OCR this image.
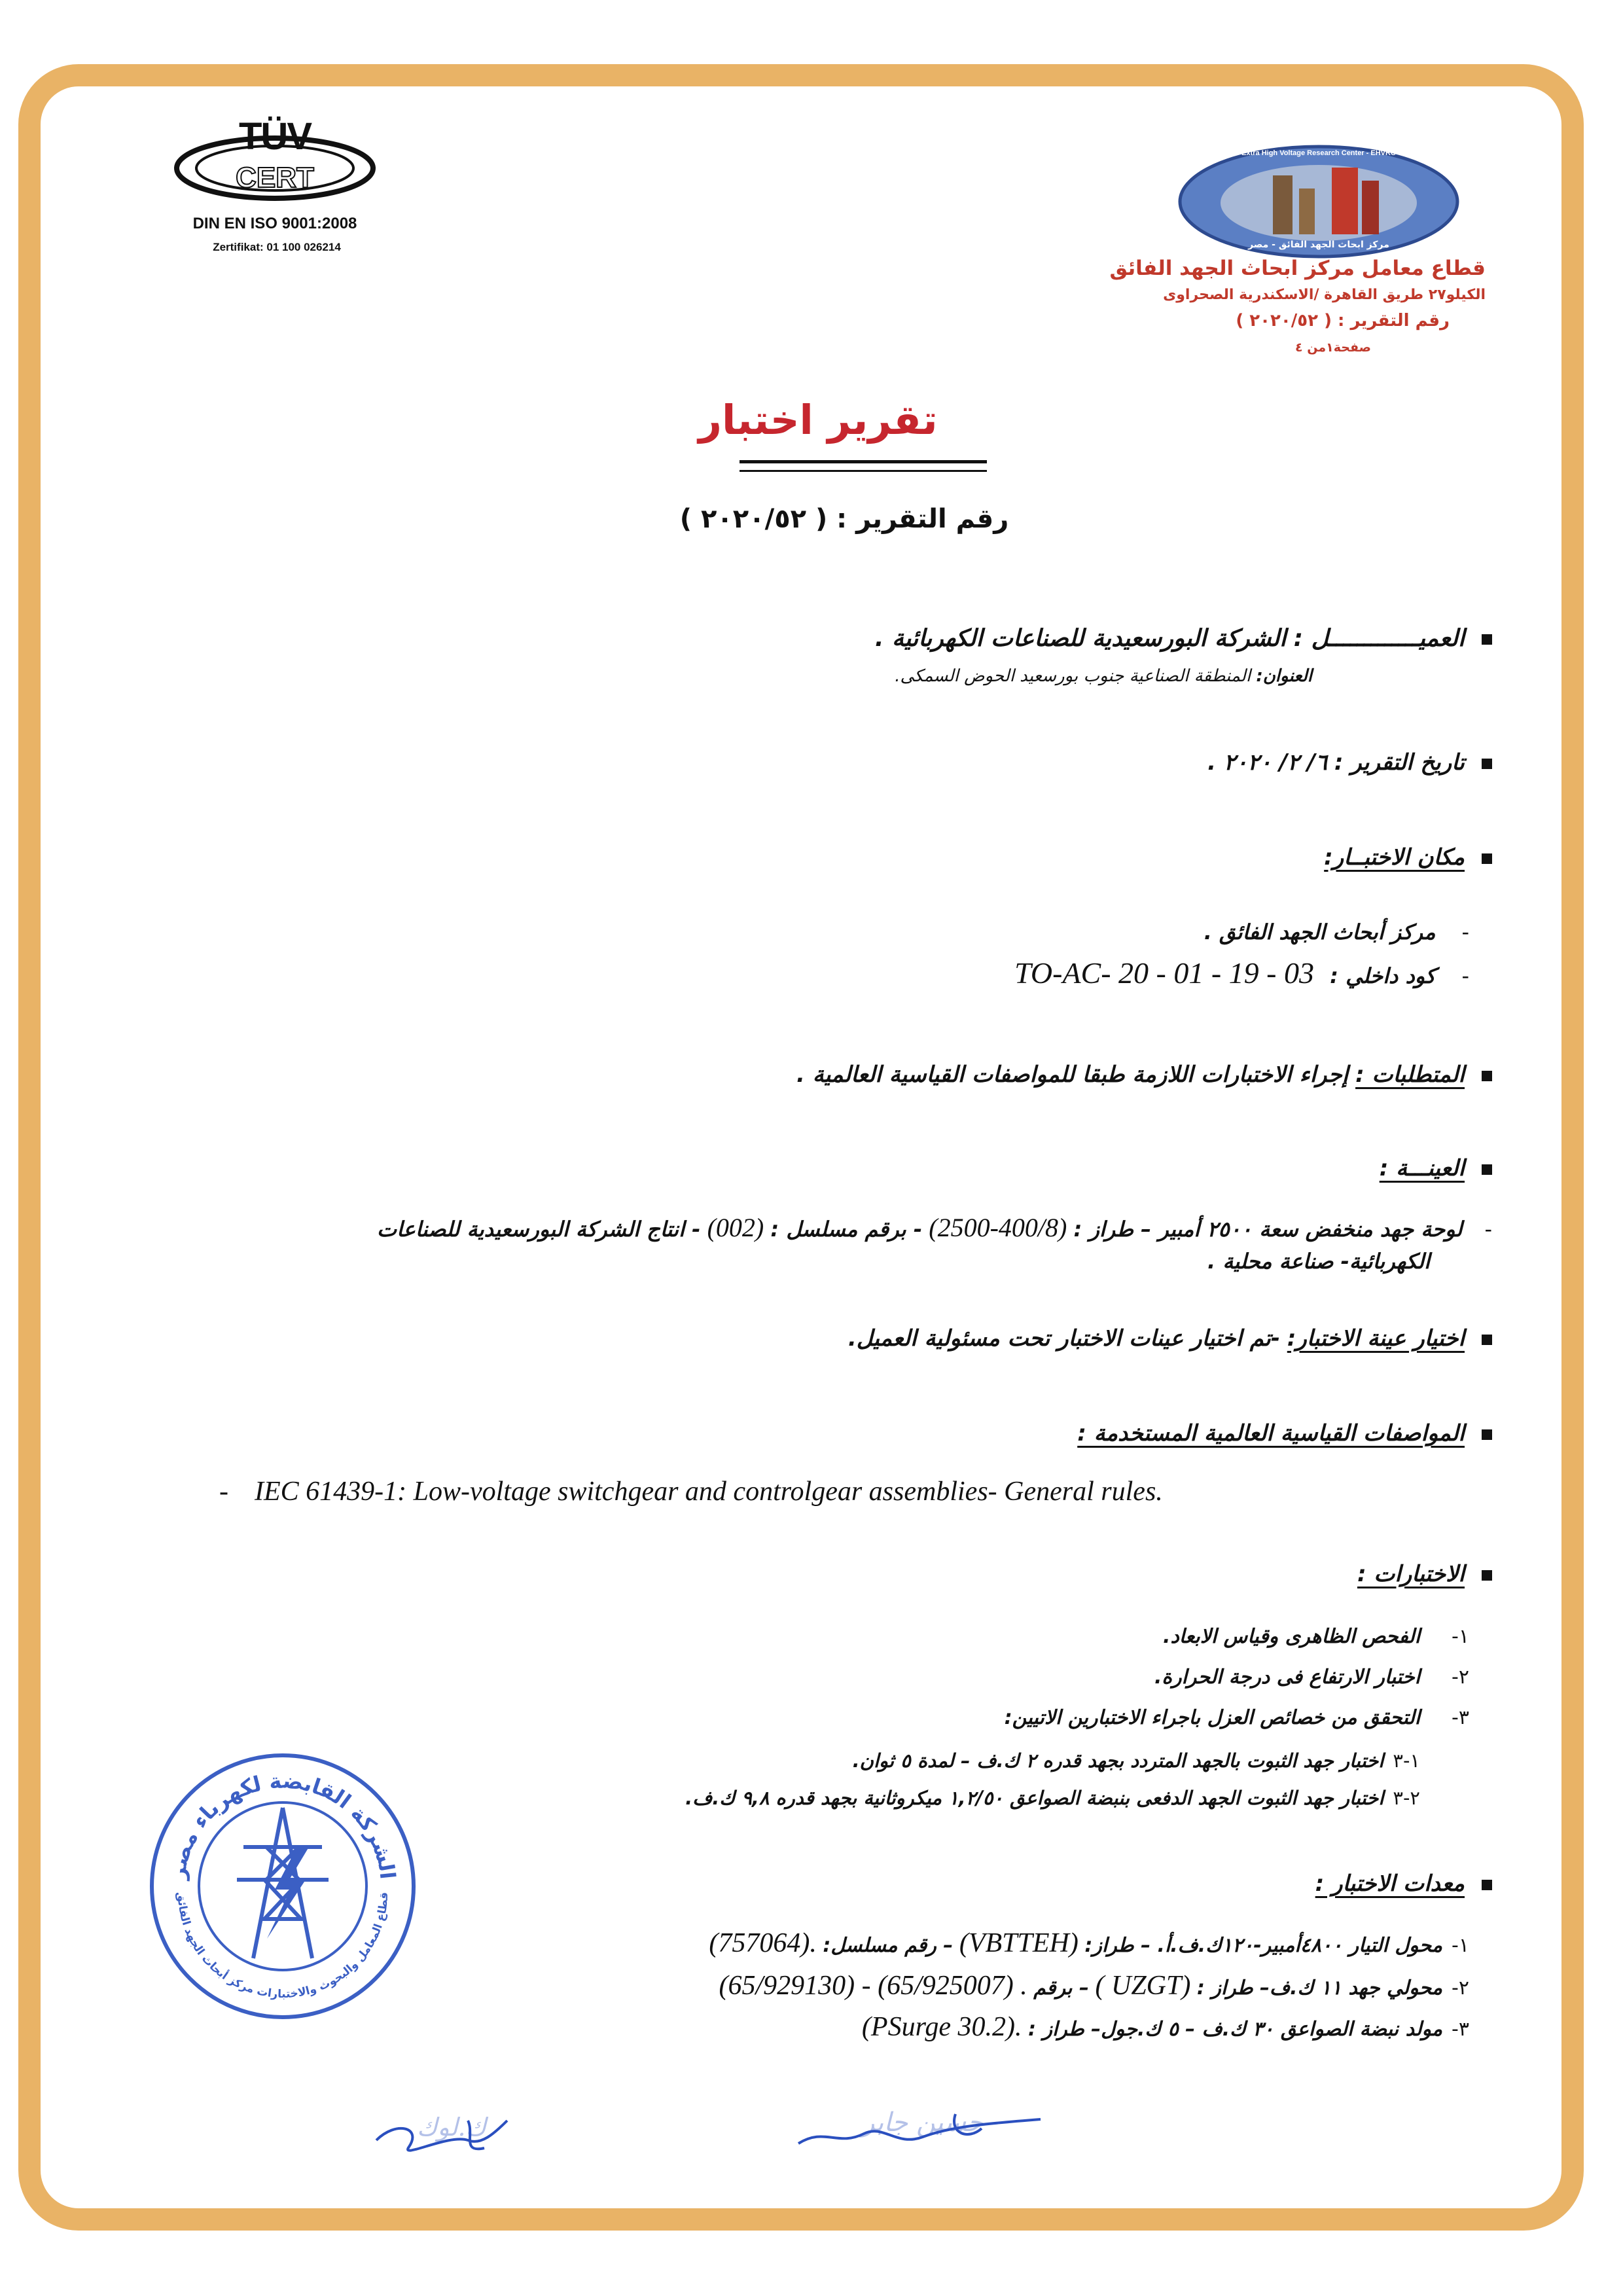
TÜV
CERT
DIN EN ISO 9001:2008
Zertifikat: 01 100 026214
Extra High Voltage Research Center - EHVRC
مركز ابحاث الجهد الفائق - مصر
قطاع معامل مركز ابحاث الجهد الفائق
الكيلو٢٧ طريق القاهرة /الاسكندرية الصحراوى
رقم التقرير : ( ٢٠٢٠/٥٢ )
صفحة١من ٤
تقرير اختبار
رقم التقرير : ( ٢٠٢٠/٥٢ )
العميـــــــــــــل : الشركة البورسعيدية للصناعات الكهربائية .
العنوان: المنطقة الصناعية جنوب بورسعيد الحوض السمكى.
تاريخ التقرير : ٦/ ٢/ ٢٠٢٠ .
مكان الاختبــار:
-مركز أبحاث الجهد الفائق .
-كود داخلي : TO-AC- 20 - 01 - 19 - 03
المتطلبات : إجراء الاختبارات اللازمة طبقا للمواصفات القياسية العالمية .
العينـــة :
-لوحة جهد منخفض سعة ٢٥٠٠ أمبير – طراز : (2500-400/8) - برقم مسلسل : (002) - انتاج الشركة البورسعيدية للصناعات
الكهربائية- صناعة محلية .
اختيار عينة الاختبار: -تم اختيار عينات الاختبار تحت مسئولية العميل.
المواصفات القياسية العالمية المستخدمة :
- IEC 61439-1: Low-voltage switchgear and controlgear assemblies- General rules.
الاختبارات :
١-الفحص الظاهرى وقياس الابعاد.
٢-اختبار الارتفاع فى درجة الحرارة.
٣-التحقق من خصائص العزل باجراء الاختبارين الاتيين:
١-٣اختبار جهد الثبوت بالجهد المتردد بجهد قدره ٢ ك.ف – لمدة ٥ ثوان.
٢-٣اختبار جهد الثبوت الجهد الدفعى بنبضة الصواعق ١,٢/٥٠ ميكروثانية بجهد قدره ٩,٨ ك.ف.
معدات الاختبار :
١-محول التيار ٤٨٠٠أمبير-١٢٠ك.ف.أ. – طراز: (VBTTEH) – رقم مسلسل: (757064).
٢-محولي جهد ١١ ك.ف– طراز : ( UZGT) – برقم (65/929130) - (65/925007) .
٣-مولد نبضة الصواعق ٣٠ ك.ف – ٥ ك.جول– طراز : (PSurge 30.2).
الشركة القابضة لكهرباء مصر
قطاع المعامل والبحوث والاختبارات مركز أبحاث الجهد الفائق
ك.لوك	حسين جابر
